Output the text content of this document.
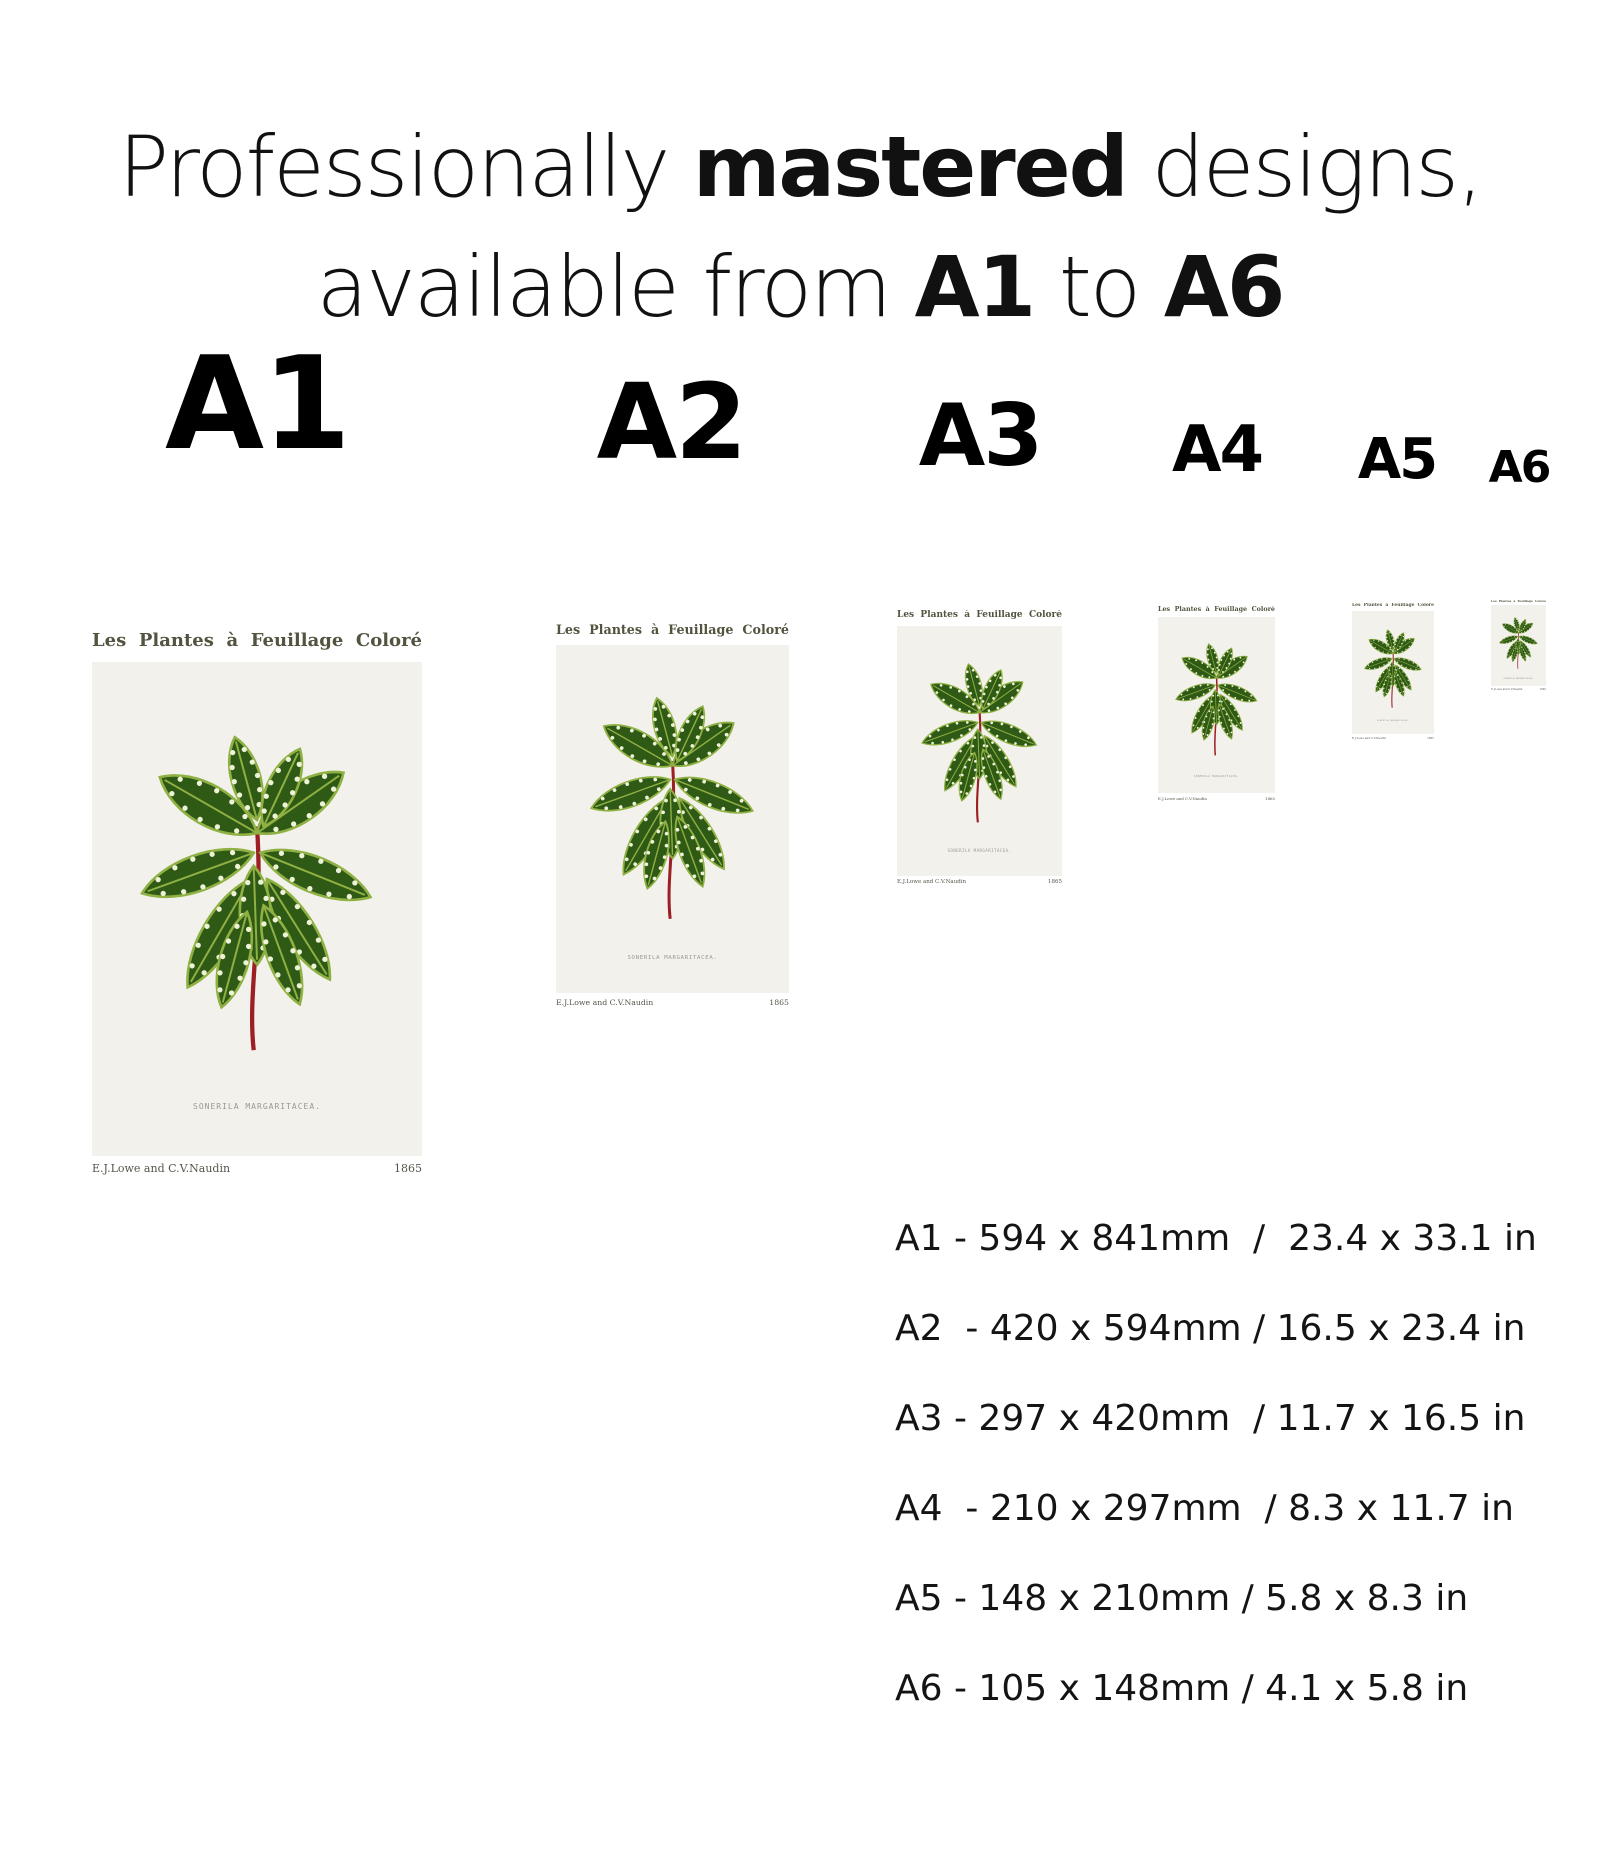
Professionally mastered designs,
available from A1 to A6
A1
Les Plantes à Feuillage Coloré
SONERILA MARGARITACEA.
E.J.Lowe and C.V.Naudin	1865
A2
Les Plantes à Feuillage Coloré
SONERILA MARGARITACEA.
E.J.Lowe and C.V.Naudin	1865
A3
Les Plantes à Feuillage Coloré
SONERILA MARGARITACEA.
E.J.Lowe and C.V.Naudin	1865
A4
Les Plantes à Feuillage Coloré
SONERILA MARGARITACEA.
E.J.Lowe and C.V.Naudin	1865
A5
Les Plantes à Feuillage Coloré
SONERILA MARGARITACEA.
E.J.Lowe and C.V.Naudin	1865
A6
Les Plantes à Feuillage Coloré
SONERILA MARGARITACEA.
E.J.Lowe and C.V.Naudin	1865
A1 - 594 x 841mm  /  23.4 x 33.1 in
A2  - 420 x 594mm / 16.5 x 23.4 in
A3 - 297 x 420mm  / 11.7 x 16.5 in
A4  - 210 x 297mm  / 8.3 x 11.7 in
A5 - 148 x 210mm / 5.8 x 8.3 in
A6 - 105 x 148mm / 4.1 x 5.8 in
